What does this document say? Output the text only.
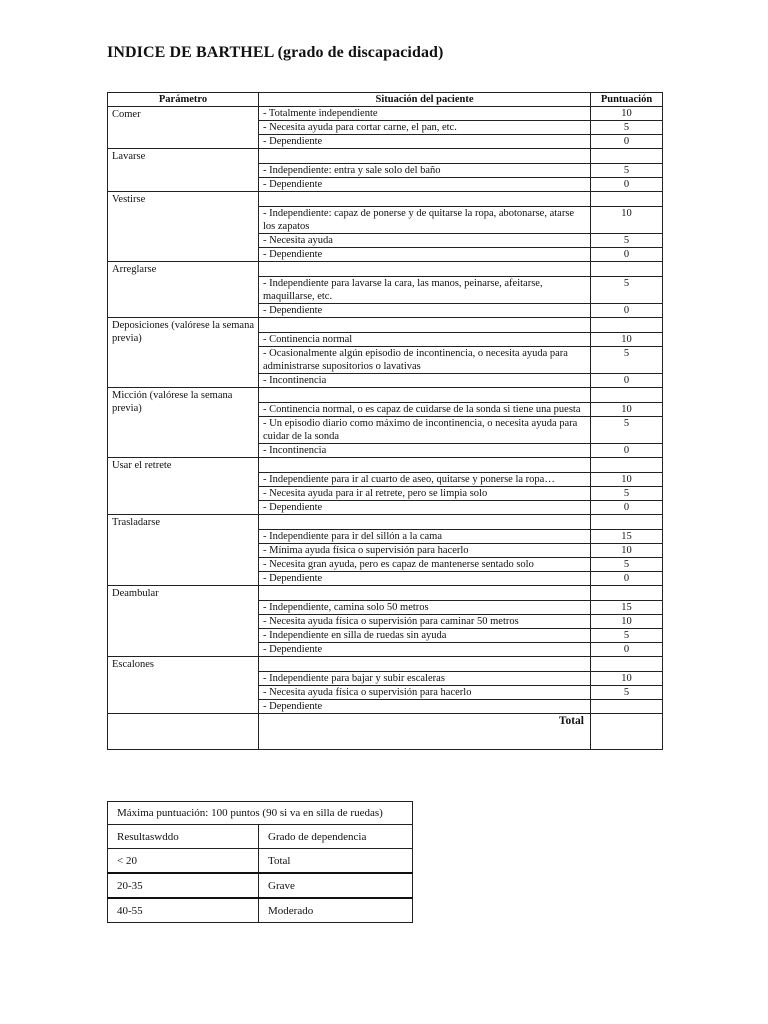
INDICE DE BARTHEL (grado de discapacidad)
Parámetro	Situación del paciente	Puntuación
Comer	- Totalmente independiente	10
	- Necesita ayuda para cortar carne, el pan, etc.	5
	- Dependiente	0
Lavarse		
	- Independiente: entra y sale solo del baño	5
	- Dependiente	0
Vestirse		
	- Independiente: capaz de ponerse y de quitarse la ropa, abotonarse, atarse los zapatos	10
	- Necesita ayuda	5
	- Dependiente	0
Arreglarse		
	- Independiente para lavarse la cara, las manos, peinarse, afeitarse, maquillarse, etc.	5
	- Dependiente	0
Deposiciones (valórese la semana previa)		
	- Continencia normal	10
	- Ocasionalmente algún episodio de incontinencia, o necesita ayuda para administrarse supositorios o lavativas	5
	- Incontinencia	0
Micción (valórese la semana previa)		
	- Continencia normal, o es capaz de cuidarse de la sonda si tiene una puesta	10
	- Un episodio diario como máximo de incontinencia, o necesita ayuda para cuidar de la sonda	5
	- Incontinencia	0
Usar el retrete		
	- Independiente para ir al cuarto de aseo, quitarse y ponerse la ropa…	10
	- Necesita ayuda para ir al retrete, pero se limpia solo	5
	- Dependiente	0
Trasladarse		
	- Independiente para ir del sillón a la cama	15
	- Mínima ayuda física o supervisión para hacerlo	10
	- Necesita gran ayuda, pero es capaz de mantenerse sentado solo	5
	- Dependiente	0
Deambular		
	- Independiente, camina solo 50 metros	15
	- Necesita ayuda física o supervisión para caminar 50 metros	10
	- Independiente en silla de ruedas sin ayuda	5
	- Dependiente	0
Escalones		
	- Independiente para bajar y subir escaleras	10
	- Necesita ayuda física o supervisión para hacerlo	5
	- Dependiente	
	Total	
Máxima puntuación: 100 puntos (90 si va en silla de ruedas)	
Resultaswddo	Grado de dependencia
< 20	Total
20-35	Grave
40-55	Moderado
